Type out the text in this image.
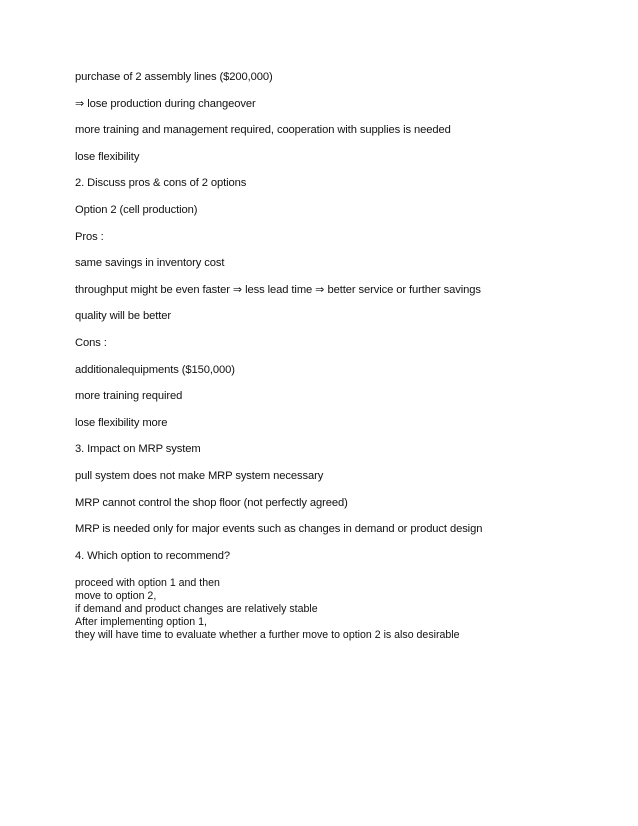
purchase of 2 assembly lines ($200,000)
⇒ lose production during changeover
more training and management required, cooperation with supplies is needed
lose flexibility
2. Discuss pros & cons of 2 options
Option 2 (cell production)
Pros :
same savings in inventory cost
throughput might be even faster ⇒ less lead time ⇒ better service or further savings
quality will be better
Cons :
additionalequipments ($150,000)
more training required
lose flexibility more
3. Impact on MRP system
pull system does not make MRP system necessary
MRP cannot control the shop floor (not perfectly agreed)
MRP is needed only for major events such as changes in demand or product design
4. Which option to recommend?
proceed with option 1 and then
move to option 2,
if demand and product changes are relatively stable
After implementing option 1,
they will have time to evaluate whether a further move to option 2 is also desirable
